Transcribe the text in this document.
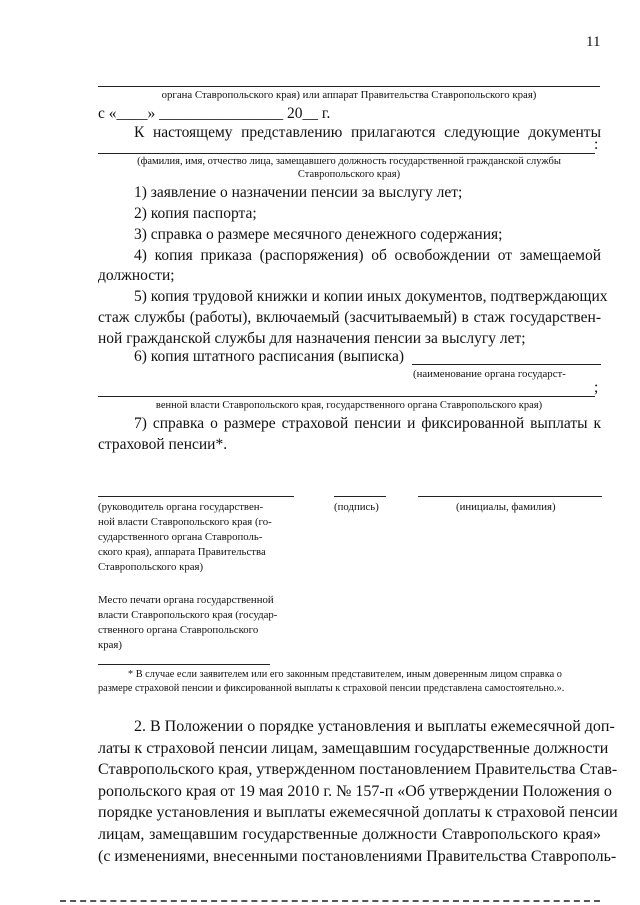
11
органа Ставропольского края) или аппарат Правительства Ставропольского края)
с «____» ________________ 20__ г.
К настоящему представлению прилагаются следующие документы
:
(фамилия, имя, отчество лица, замещавшего должность государственной гражданской службы
Ставропольского края)
1) заявление о назначении пенсии за выслугу лет;
2) копия паспорта;
3) справка о размере месячного денежного содержания;
4) копия приказа (распоряжения) об освобождении от замещаемой
должности;
5) копия трудовой книжки и копии иных документов, подтверждающих
стаж службы (работы), включаемый (засчитываемый) в стаж государствен-
ной гражданской службы для назначения пенсии за выслугу лет;
6) копия штатного расписания (выписка)
(наименование органа государст-
;
венной власти Ставропольского края, государственного органа Ставропольского края)
7) справка о размере страховой пенсии и фиксированной выплаты к
страховой пенсии*.
(руководитель органа государствен-
ной власти Ставропольского края (го-
сударственного органа Ставрополь-
ского края), аппарата Правительства
Ставропольского края)
(подпись)	(инициалы, фамилия)
Место печати органа государственной
власти Ставропольского края (государ-
ственного органа Ставропольского
края)
* В случае если заявителем или его законным представителем, иным доверенным лицом справка о
размере страховой пенсии и фиксированной выплаты к страховой пенсии представлена самостоятельно.».
2. В Положении о порядке установления и выплаты ежемесячной доп-
латы к страховой пенсии лицам, замещавшим государственные должности
Ставропольского края, утвержденном постановлением Правительства Став-
ропольского края от 19 мая 2010 г. № 157-п «Об утверждении Положения о
порядке установления и выплаты ежемесячной доплаты к страховой пенсии
лицам, замещавшим государственные должности Ставропольского края»
(с изменениями, внесенными постановлениями Правительства Ставрополь-
